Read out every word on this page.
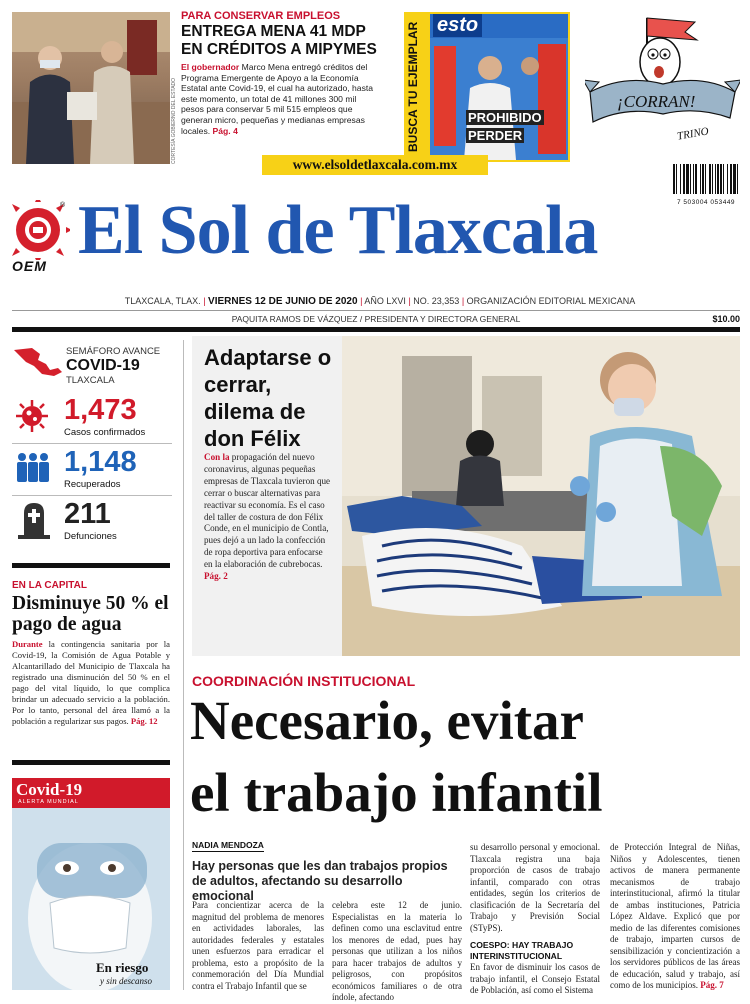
CORTESÍA GOBIERNO DEL ESTADO
PARA CONSERVAR EMPLEOS
ENTREGA MENA 41 MDP
EN CRÉDITOS A MIPYMES
El gobernador Marco Mena entregó créditos del Programa Emergente de Apoyo a la Economía Estatal ante Covid-19, el cual ha autorizado, hasta este momento, un total de 41 millones 300 mil pesos para conservar 5 mil 515 empleos que generan micro, pequeñas y medianas empresas locales. Pág. 4	BUSCA TU EJEMPLAR esto
PROHIBIDO
PERDER
¡CORRAN!
TRINO
www.elsoldetlaxcala.com.mx
7 503004 053449
®
OEM El Sol de Tlaxcala
TLAXCALA, TLAX. | VIERNES 12 DE JUNIO DE 2020 | AÑO LXVI | NO. 23,353 | ORGANIZACIÓN EDITORIAL MEXICANA
PAQUITA RAMOS DE VÁZQUEZ / PRESIDENTA Y DIRECTORA GENERAL	$10.00
SEMÁFORO AVANCE
COVID-19
TLAXCALA
1,473
Casos confirmados
1,148
Recuperados
211
Defunciones
EN LA CAPITAL
Disminuye 50 % el pago de agua
Durante la contingencia sanitaria por la Covid-19, la Comisión de Agua Potable y Alcantarillado del Municipio de Tlaxcala ha registrado una disminución del 50 % en el pago del vital líquido, lo que complica brindar un adecuado servicio a la población. Por lo tanto, personal del área llamó a la población a regularizar sus pagos. Pág. 12
Covid-19
ALERTA MUNDIAL
En riesgo
y sin descanso
Adaptarse o cerrar, dilema de don Félix
Con la propagación del nuevo coronavirus, algunas pequeñas empresas de Tlaxcala tuvieron que cerrar o buscar alternativas para reactivar su economía. Es el caso del taller de costura de don Félix Conde, en el municipio de Contla, pues dejó a un lado la confección de ropa deportiva para enfocarse en la elaboración de cubrebocas. Pág. 2
COORDINACIÓN INSTITUCIONAL
Necesario, evitar
el trabajo infantil
NADIA MENDOZA
Hay personas que les dan trabajos propios de adultos, afectando su desarrollo emocional
Para concientizar acerca de la magnitud del problema de menores en actividades laborales, las autoridades federales y estatales unen esfuerzos para erradicar el problema, esto a propósito de la conmemoración del Día Mundial contra el Trabajo Infantil que se
celebra este 12 de junio. Especialistas en la materia lo definen como una esclavitud entre los menores de edad, pues hay personas que utilizan a los niños para hacer trabajos de adultos y peligrosos, con propósitos económicos familiares o de otra índole, afectando
su desarrollo personal y emocional. Tlaxcala registra una baja proporción de casos de trabajo infantil, comparado con otras entidades, según los criterios de clasificación de la Secretaría del Trabajo y Previsión Social (STyPS).
COESPO: HAY TRABAJO INTERINSTITUCIONAL
En favor de disminuir los casos de trabajo infantil, el Consejo Estatal de Población, así como el Sistema
de Protección Integral de Niñas, Niños y Adolescentes, tienen activos de manera permanente mecanismos de trabajo interinstitucional, afirmó la titular de ambas instituciones, Patricia López Aldave. Explicó que por medio de las diferentes comisiones de trabajo, imparten cursos de sensibilización y concientización a los servidores públicos de las áreas de educación, salud y trabajo, así como de los municipios. Pág. 7
